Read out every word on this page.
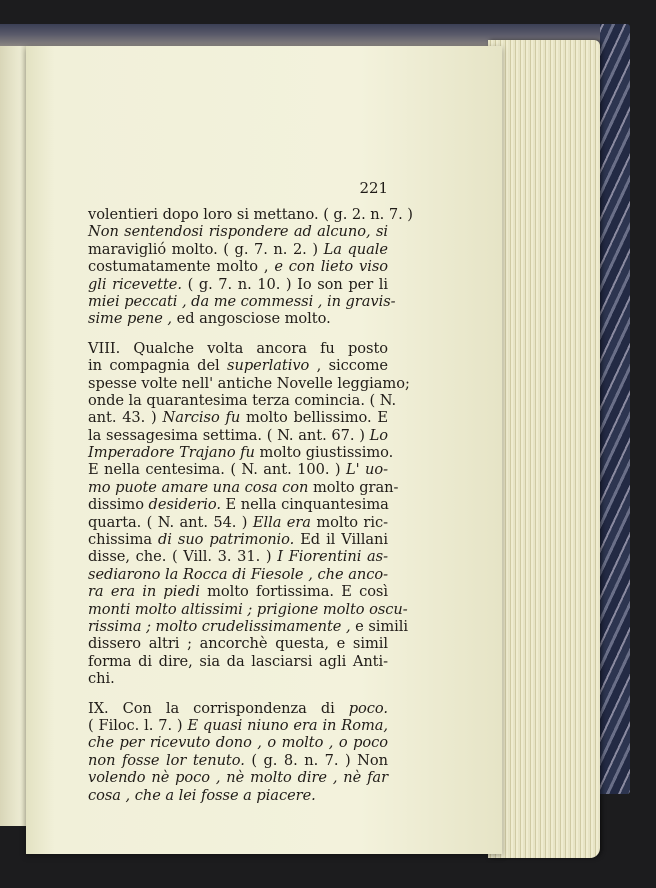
221
volentieri dopo loro si mettano. ( g. 2. n. 7. )
Non sentendosi rispondere ad alcuno, si
maraviglió molto. ( g. 7. n. 2. ) La quale
costumatamente molto , e con lieto viso
gli ricevette. ( g. 7. n. 10. ) Io son per li
miei peccati , da me commessi , in gravis-
sime pene , ed angosciose molto.
VIII. Qualche volta ancora fu posto
in compagnia del superlativo , siccome
spesse volte nell' antiche Novelle leggiamo;
onde la quarantesima terza comincia. ( N.
ant. 43. ) Narciso fu molto bellissimo. E
la sessagesima settima. ( N. ant. 67. ) Lo
Imperadore Trajano fu molto giustissimo.
E nella centesima. ( N. ant. 100. ) L' uo-
mo puote amare una cosa con molto gran-
dissimo desiderio. E nella cinquantesima
quarta. ( N. ant. 54. ) Ella era molto ric-
chissima di suo patrimonio. Ed il Villani
disse, che. ( Vill. 3. 31. ) I Fiorentini as-
sediarono la Rocca di Fiesole , che anco-
ra era in piedi molto fortissima. E così
monti molto altissimi ; prigione molto oscu-
rissima ; molto crudelissimamente , e simili
dissero altri ; ancorchè questa, e simil
forma di dire, sia da lasciarsi agli Anti-
chi.
IX. Con la corrispondenza di poco.
( Filoc. l. 7. ) E quasi niuno era in Roma,
che per ricevuto dono , o molto , o poco
non fosse lor tenuto. ( g. 8. n. 7. ) Non
volendo nè poco , nè molto dire , nè far
cosa , che a lei fosse a piacere.
